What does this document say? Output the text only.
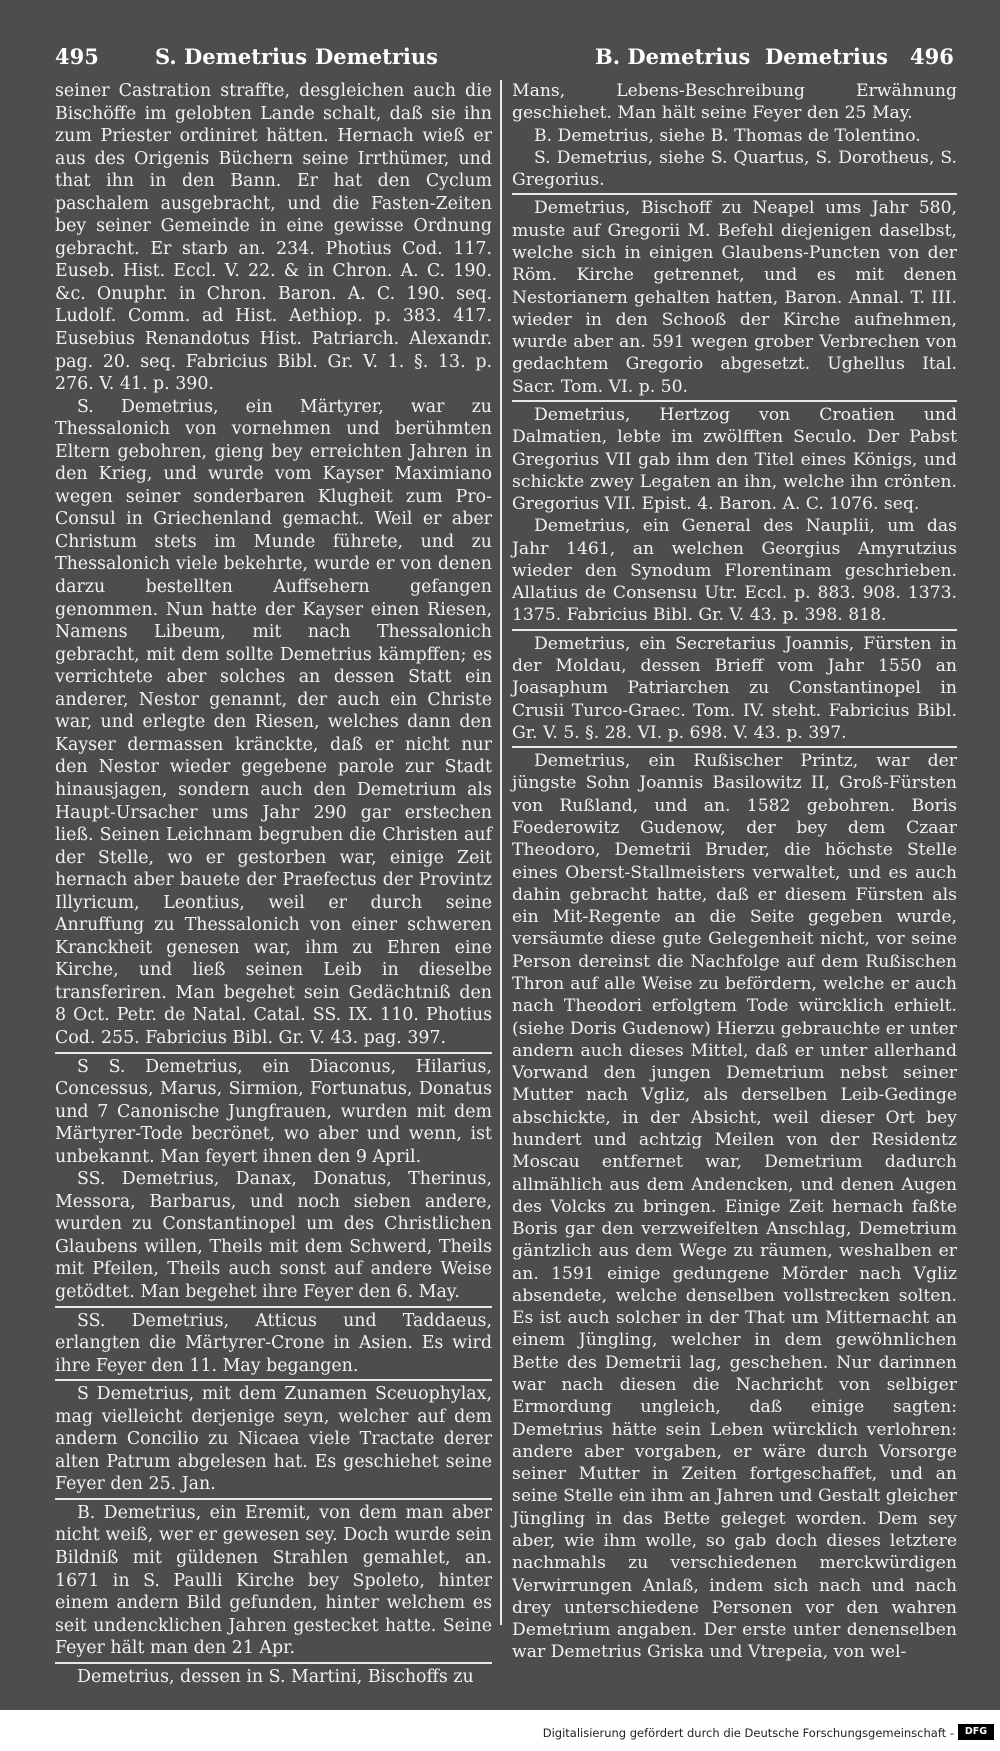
495	S. Demetrius Demetrius	B. Demetrius Demetrius 496

seiner Castration straffte, desgleichen auch die Bischöffe im gelobten Lande schalt, daß sie ihn zum Priester ordiniret hätten. Hernach wieß er aus des Origenis Büchern seine Irrthümer, und that ihn in den Bann. Er hat den Cyclum paschalem ausgebracht, und die Fasten-Zeiten bey seiner Gemeinde in eine gewisse Ordnung gebracht. Er starb an. 234. Photius Cod. 117. Euseb. Hist. Eccl. V. 22. & in Chron. A. C. 190. &c. Onuphr. in Chron. Baron. A. C. 190. seq. Ludolf. Comm. ad Hist. Aethiop. p. 383. 417. Eusebius Renandotus Hist. Patriarch. Alexandr. pag. 20. seq. Fabricius Bibl. Gr. V. 1. §. 13. p. 276. V. 41. p. 390.

S. Demetrius, ein Märtyrer, war zu Thessalonich von vornehmen und berühmten Eltern gebohren, gieng bey erreichten Jahren in den Krieg, und wurde vom Kayser Maximiano wegen seiner sonderbaren Klugheit zum Pro-Consul in Griechenland gemacht. Weil er aber Christum stets im Munde führete, und zu Thessalonich viele bekehrte, wurde er von denen darzu bestellten Auffsehern gefangen genommen. Nun hatte der Kayser einen Riesen, Namens Libeum, mit nach Thessalonich gebracht, mit dem sollte Demetrius kämpffen; es verrichtete aber solches an dessen Statt ein anderer, Nestor genannt, der auch ein Christe war, und erlegte den Riesen, welches dann den Kayser dermassen kränckte, daß er nicht nur den Nestor wieder gegebene parole zur Stadt hinausjagen, sondern auch den Demetrium als Haupt-Ursacher ums Jahr 290 gar erstechen ließ. Seinen Leichnam begruben die Christen auf der Stelle, wo er gestorben war, einige Zeit hernach aber bauete der Praefectus der Provintz Illyricum, Leontius, weil er durch seine Anruffung zu Thessalonich von einer schweren Kranckheit genesen war, ihm zu Ehren eine Kirche, und ließ seinen Leib in dieselbe transferiren. Man begehet sein Gedächtniß den 8 Oct. Petr. de Natal. Catal. SS. IX. 110. Photius Cod. 255. Fabricius Bibl. Gr. V. 43. pag. 397.

S S. Demetrius, ein Diaconus, Hilarius, Concessus, Marus, Sirmion, Fortunatus, Donatus und 7 Canonische Jungfrauen, wurden mit dem Märtyrer-Tode becrönet, wo aber und wenn, ist unbekannt. Man feyert ihnen den 9 April.

SS. Demetrius, Danax, Donatus, Therinus, Messora, Barbarus, und noch sieben andere, wurden zu Constantinopel um des Christlichen Glaubens willen, Theils mit dem Schwerd, Theils mit Pfeilen, Theils auch sonst auf andere Weise getödtet. Man begehet ihre Feyer den 6. May.

SS. Demetrius, Atticus und Taddaeus, erlangten die Märtyrer-Crone in Asien. Es wird ihre Feyer den 11. May begangen.

S Demetrius, mit dem Zunamen Sceuophylax, mag vielleicht derjenige seyn, welcher auf dem andern Concilio zu Nicaea viele Tractate derer alten Patrum abgelesen hat. Es geschiehet seine Feyer den 25. Jan.

B. Demetrius, ein Eremit, von dem man aber nicht weiß, wer er gewesen sey. Doch wurde sein Bildniß mit güldenen Strahlen gemahlet, an. 1671 in S. Paulli Kirche bey Spoleto, hinter einem andern Bild gefunden, hinter welchem es seit undencklichen Jahren gestecket hatte. Seine Feyer hält man den 21 Apr.

Demetrius, dessen in S. Martini, Bischoffs zu

Mans, Lebens-Beschreibung Erwähnung geschiehet. Man hält seine Feyer den 25 May.

B. Demetrius, siehe B. Thomas de Tolentino.

S. Demetrius, siehe S. Quartus, S. Dorotheus, S. Gregorius.

Demetrius, Bischoff zu Neapel ums Jahr 580, muste auf Gregorii M. Befehl diejenigen daselbst, welche sich in einigen Glaubens-Puncten von der Röm. Kirche getrennet, und es mit denen Nestorianern gehalten hatten, Baron. Annal. T. III. wieder in den Schooß der Kirche aufnehmen, wurde aber an. 591 wegen grober Verbrechen von gedachtem Gregorio abgesetzt. Ughellus Ital. Sacr. Tom. VI. p. 50.

Demetrius, Hertzog von Croatien und Dalmatien, lebte im zwölfften Seculo. Der Pabst Gregorius VII gab ihm den Titel eines Königs, und schickte zwey Legaten an ihn, welche ihn crönten. Gregorius VII. Epist. 4. Baron. A. C. 1076. seq.

Demetrius, ein General des Nauplii, um das Jahr 1461, an welchen Georgius Amyrutzius wieder den Synodum Florentinam geschrieben. Allatius de Consensu Utr. Eccl. p. 883. 908. 1373. 1375. Fabricius Bibl. Gr. V. 43. p. 398. 818.

Demetrius, ein Secretarius Joannis, Fürsten in der Moldau, dessen Brieff vom Jahr 1550 an Joasaphum Patriarchen zu Constantinopel in Crusii Turco-Graec. Tom. IV. steht. Fabricius Bibl. Gr. V. 5. §. 28. VI. p. 698. V. 43. p. 397.

Demetrius, ein Rußischer Printz, war der jüngste Sohn Joannis Basilowitz II, Groß-Fürsten von Rußland, und an. 1582 gebohren. Boris Foederowitz Gudenow, der bey dem Czaar Theodoro, Demetrii Bruder, die höchste Stelle eines Oberst-Stallmeisters verwaltet, und es auch dahin gebracht hatte, daß er diesem Fürsten als ein Mit-Regente an die Seite gegeben wurde, versäumte diese gute Gelegenheit nicht, vor seine Person dereinst die Nachfolge auf dem Rußischen Thron auf alle Weise zu befördern, welche er auch nach Theodori erfolgtem Tode würcklich erhielt. (siehe Doris Gudenow) Hierzu gebrauchte er unter andern auch dieses Mittel, daß er unter allerhand Vorwand den jungen Demetrium nebst seiner Mutter nach Vgliz, als derselben Leib-Gedinge abschickte, in der Absicht, weil dieser Ort bey hundert und achtzig Meilen von der Residentz Moscau entfernet war, Demetrium dadurch allmählich aus dem Andencken, und denen Augen des Volcks zu bringen. Einige Zeit hernach faßte Boris gar den verzweifelten Anschlag, Demetrium gäntzlich aus dem Wege zu räumen, weshalben er an. 1591 einige gedungene Mörder nach Vgliz absendete, welche denselben vollstrecken solten. Es ist auch solcher in der That um Mitternacht an einem Jüngling, welcher in dem gewöhnlichen Bette des Demetrii lag, geschehen. Nur darinnen war nach diesen die Nachricht von selbiger Ermordung ungleich, daß einige sagten: Demetrius hätte sein Leben würcklich verlohren: andere aber vorgaben, er wäre durch Vorsorge seiner Mutter in Zeiten fortgeschaffet, und an seine Stelle ein ihm an Jahren und Gestalt gleicher Jüngling in das Bette geleget worden. Dem sey aber, wie ihm wolle, so gab doch dieses letztere nachmahls zu verschiedenen merckwürdigen Verwirrungen Anlaß, indem sich nach und nach drey unterschiedene Personen vor den wahren Demetrium angaben. Der erste unter denenselben war Demetrius Griska und Vtrepeia, von wel-

Digitalisierung gefördert durch die Deutsche Forschungsgemeinschaft -	DFG
